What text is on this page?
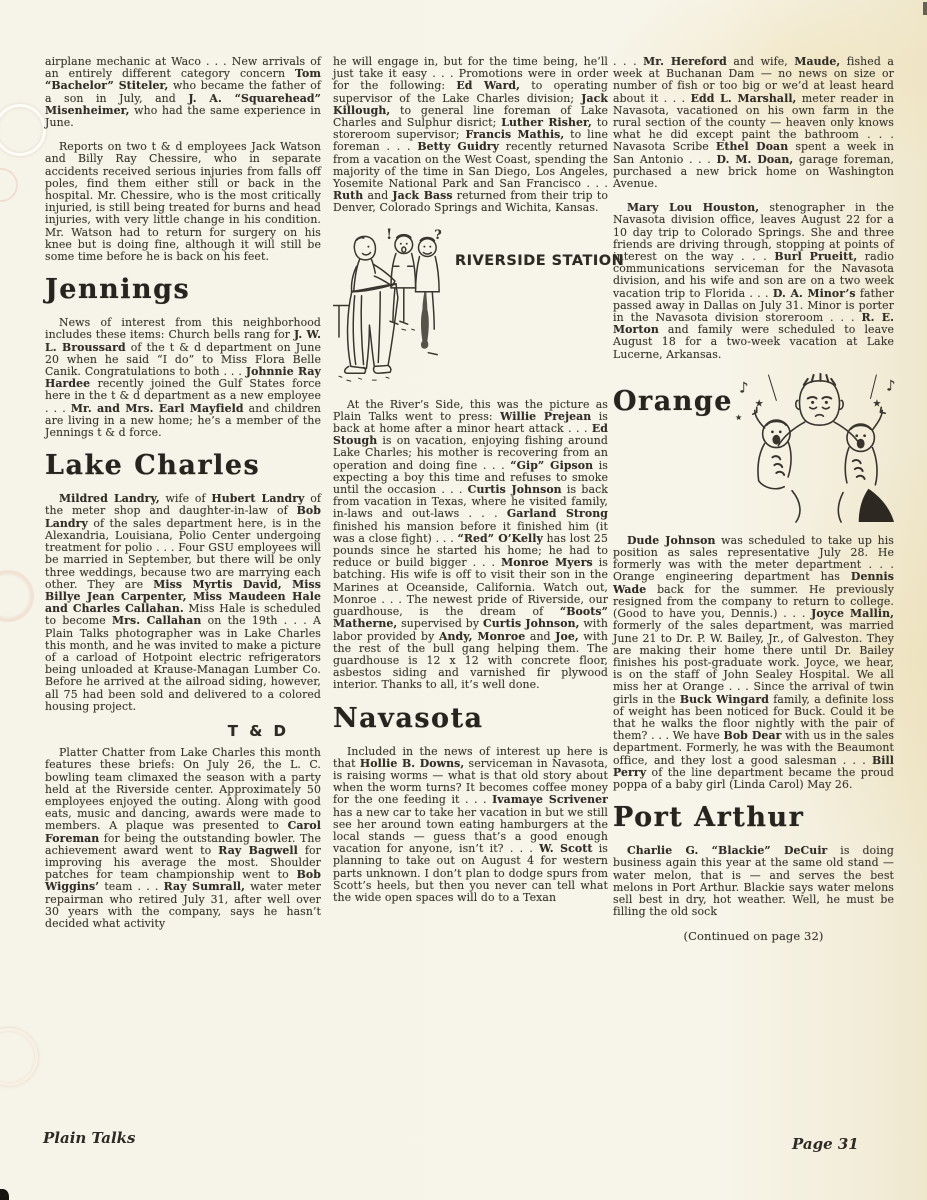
airplane mechanic at Waco . . . New arrivals of an entirely different category concern Tom “Bachelor” Stiteler, who became the father of a son in July, and J. A. “Squarehead” Misenheimer, who had the same experience in June.

Reports on two t & d employees Jack Watson and Billy Ray Chessire, who in separate accidents received serious injuries from falls off poles, find them either still or back in the hospital. Mr. Chessire, who is the most critically injuried, is still being treated for burns and head injuries, with very little change in his condition. Mr. Watson had to return for surgery on his knee but is doing fine, although it will still be some time before he is back on his feet.

Jennings

News of interest from this neighborhood includes these items: Church bells rang for J. W. L. Broussard of the t & d department on June 20 when he said “I do” to Miss Flora Belle Canik. Congratulations to both . . . Johnnie Ray Hardee recently joined the Gulf States force here in the t & d department as a new employee . . . Mr. and Mrs. Earl Mayfield and children are living in a new home; he’s a member of the Jennings t & d force.

Lake Charles

Mildred Landry, wife of Hubert Landry of the meter shop and daughter-in-law of Bob Landry of the sales department here, is in the Alexandria, Louisiana, Polio Center undergoing treatment for polio . . . Four GSU employees will be married in September, but there will be only three weddings, because two are marrying each other. They are Miss Myrtis David, Miss Billye Jean Carpenter, Miss Maudeen Hale and Charles Callahan. Miss Hale is scheduled to become Mrs. Callahan on the 19th . . . A Plain Talks photographer was in Lake Charles this month, and he was invited to make a picture of a carload of Hotpoint electric refrigerators being unloaded at Krause-Managan Lumber Co. Before he arrived at the ailroad siding, however, all 75 had been sold and delivered to a colored housing project.

T & D

Platter Chatter from Lake Charles this month features these briefs: On July 26, the L. C. bowling team climaxed the season with a party held at the Riverside center. Approximately 50 employees enjoyed the outing. Along with good eats, music and dancing, awards were made to members. A plaque was presented to Carol Foreman for being the outstanding bowler. The achievement award went to Ray Bagwell for improving his average the most. Shoulder patches for team championship went to Bob Wiggins’ team . . . Ray Sumrall, water meter repairman who retired July 31, after well over 30 years with the company, says he hasn’t decided what activity

he will engage in, but for the time being, he’ll just take it easy . . . Promotions were in order for the following: Ed Ward, to operating supervisor of the Lake Charles division; Jack Killough, to general line foreman of Lake Charles and Sulphur disrict; Luther Risher, to storeroom supervisor; Francis Mathis, to line foreman . . . Betty Guidry recently returned from a vacation on the West Coast, spending the majority of the time in San Diego, Los Angeles, Yosemite National Park and San Francisco . . . Ruth and Jack Bass returned from their trip to Denver, Colorado Springs and Wichita, Kansas.

!	?
RIVERSIDE STATION

At the River’s Side, this was the picture as Plain Talks went to press: Willie Prejean is back at home after a minor heart attack . . . Ed Stough is on vacation, enjoying fishing around Lake Charles; his mother is recovering from an operation and doing fine . . . “Gip” Gipson is expecting a boy this time and refuses to smoke until the occasion . . . Curtis Johnson is back from vacation in Texas, where he visited family, in-laws and out-laws . . . Garland Strong finished his mansion before it finished him (it was a close fight) . . . “Red” O’Kelly has lost 25 pounds since he started his home; he had to reduce or build bigger . . . Monroe Myers is batching. His wife is off to visit their son in the Marines at Oceanside, California. Watch out, Monroe . . . The newest pride of Riverside, our guardhouse, is the dream of “Boots” Matherne, supervised by Curtis Johnson, with labor provided by Andy, Monroe and Joe, with the rest of the bull gang helping them. The guardhouse is 12 x 12 with concrete floor, asbestos siding and varnished fir plywood interior. Thanks to all, it’s well done.

Navasota

Included in the news of interest up here is that Hollie B. Downs, serviceman in Navasota, is raising worms — what is that old story about when the worm turns? It becomes coffee money for the one feeding it . . . Ivamaye Scrivener has a new car to take her vacation in but we still see her around town eating hamburgers at the local stands — guess that’s a good enough vacation for anyone, isn’t it? . . . W. Scott is planning to take out on August 4 for western parts unknown. I don’t plan to dodge spurs from Scott’s heels, but then you never can tell what the wide open spaces will do to a Texan

. . . Mr. Hereford and wife, Maude, fished a week at Buchanan Dam — no news on size or number of fish or too big or we’d at least heard about it . . . Edd L. Marshall, meter reader in Navasota, vacationed on his own farm in the rural section of the county — heaven only knows what he did except paint the bathroom . . . Navasota Scribe Ethel Doan spent a week in San Antonio . . . D. M. Doan, garage foreman, purchased a new brick home on Washington Avenue.

Mary Lou Houston, stenographer in the Navasota division office, leaves August 22 for a 10 day trip to Colorado Springs. She and three friends are driving through, stopping at points of interest on the way . . . Burl Prueitt, radio communications serviceman for the Navasota division, and his wife and son are on a two week vacation trip to Florida . . . D. A. Minor’s father passed away in Dallas on July 31. Minor is porter in the Navasota division storeroom . . . R. E. Morton and family were scheduled to leave August 18 for a two-week vacation at Lake Lucerne, Arkansas.

Orange ♪
★
★
♪
★

Dude Johnson was scheduled to take up his position as sales representative July 28. He formerly was with the meter department . . . Orange engineering department has Dennis Wade back for the summer. He previously resigned from the company to return to college. (Good to have you, Dennis.) . . . Joyce Mallin, formerly of the sales department, was married June 21 to Dr. P. W. Bailey, Jr., of Galveston. They are making their home there until Dr. Bailey finishes his post-graduate work. Joyce, we hear, is on the staff of John Sealey Hospital. We all miss her at Orange . . . Since the arrival of twin girls in the Buck Wingard family, a definite loss of weight has been noticed for Buck. Could it be that he walks the floor nightly with the pair of them? . . . We have Bob Dear with us in the sales department. Formerly, he was with the Beaumont office, and they lost a good salesman . . . Bill Perry of the line department became the proud poppa of a baby girl (Linda Carol) May 26.

Port Arthur

Charlie G. “Blackie” DeCuir is doing business again this year at the same old stand — water melon, that is — and serves the best melons in Port Arthur. Blackie says water melons sell best in dry, hot weather. Well, he must be filling the old sock

(Continued on page 32)
Plain Talks	Page 31
